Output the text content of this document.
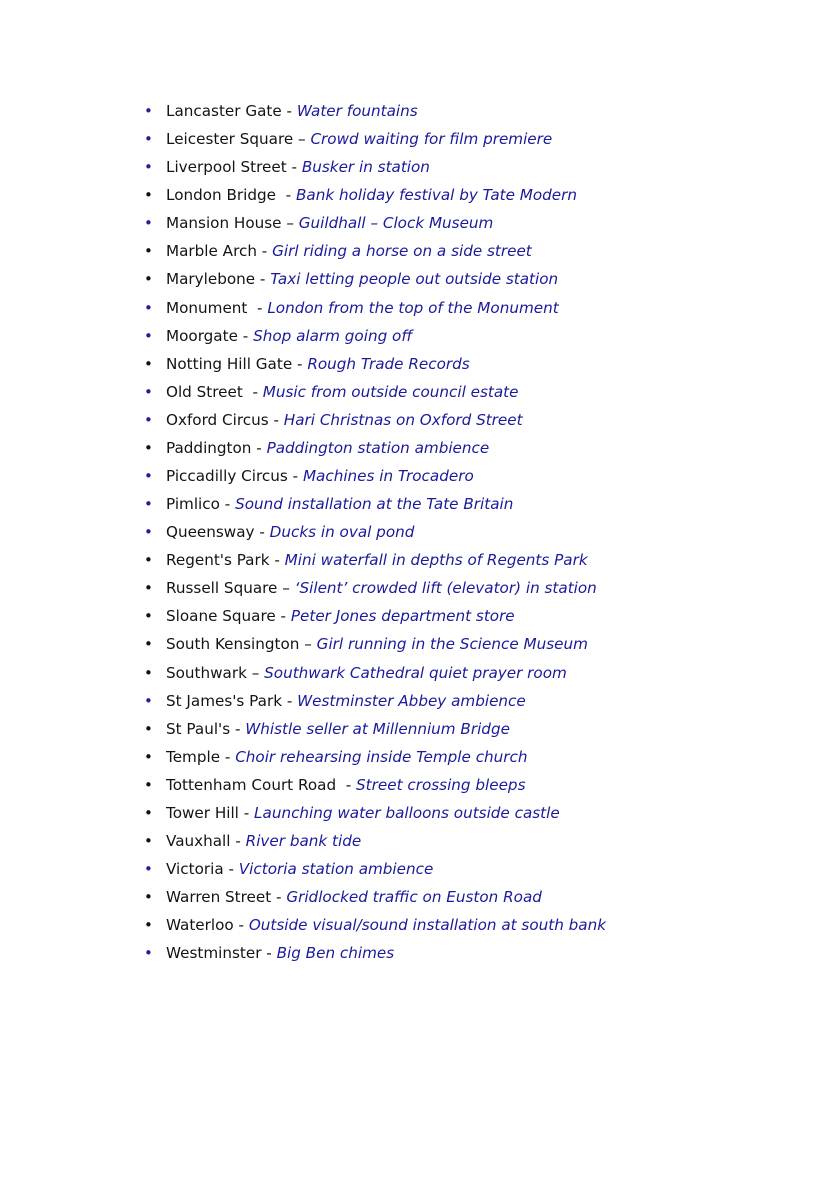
• Lancaster Gate - Water fountains
• Leicester Square – Crowd waiting for film premiere
• Liverpool Street - Busker in station
• London Bridge  - Bank holiday festival by Tate Modern
• Mansion House – Guildhall – Clock Museum
• Marble Arch - Girl riding a horse on a side street
• Marylebone - Taxi letting people out outside station
• Monument  - London from the top of the Monument
• Moorgate - Shop alarm going off
• Notting Hill Gate - Rough Trade Records
• Old Street  - Music from outside council estate
• Oxford Circus - Hari Christnas on Oxford Street
• Paddington - Paddington station ambience
• Piccadilly Circus - Machines in Trocadero
• Pimlico - Sound installation at the Tate Britain
• Queensway - Ducks in oval pond
• Regent's Park - Mini waterfall in depths of Regents Park
• Russell Square – ‘Silent’ crowded lift (elevator) in station
• Sloane Square - Peter Jones department store
• South Kensington – Girl running in the Science Museum
• Southwark – Southwark Cathedral quiet prayer room
• St James's Park - Westminster Abbey ambience
• St Paul's - Whistle seller at Millennium Bridge
• Temple - Choir rehearsing inside Temple church
• Tottenham Court Road  - Street crossing bleeps
• Tower Hill - Launching water balloons outside castle
• Vauxhall - River bank tide
• Victoria - Victoria station ambience
• Warren Street - Gridlocked traffic on Euston Road
• Waterloo - Outside visual/sound installation at south bank
• Westminster - Big Ben chimes
